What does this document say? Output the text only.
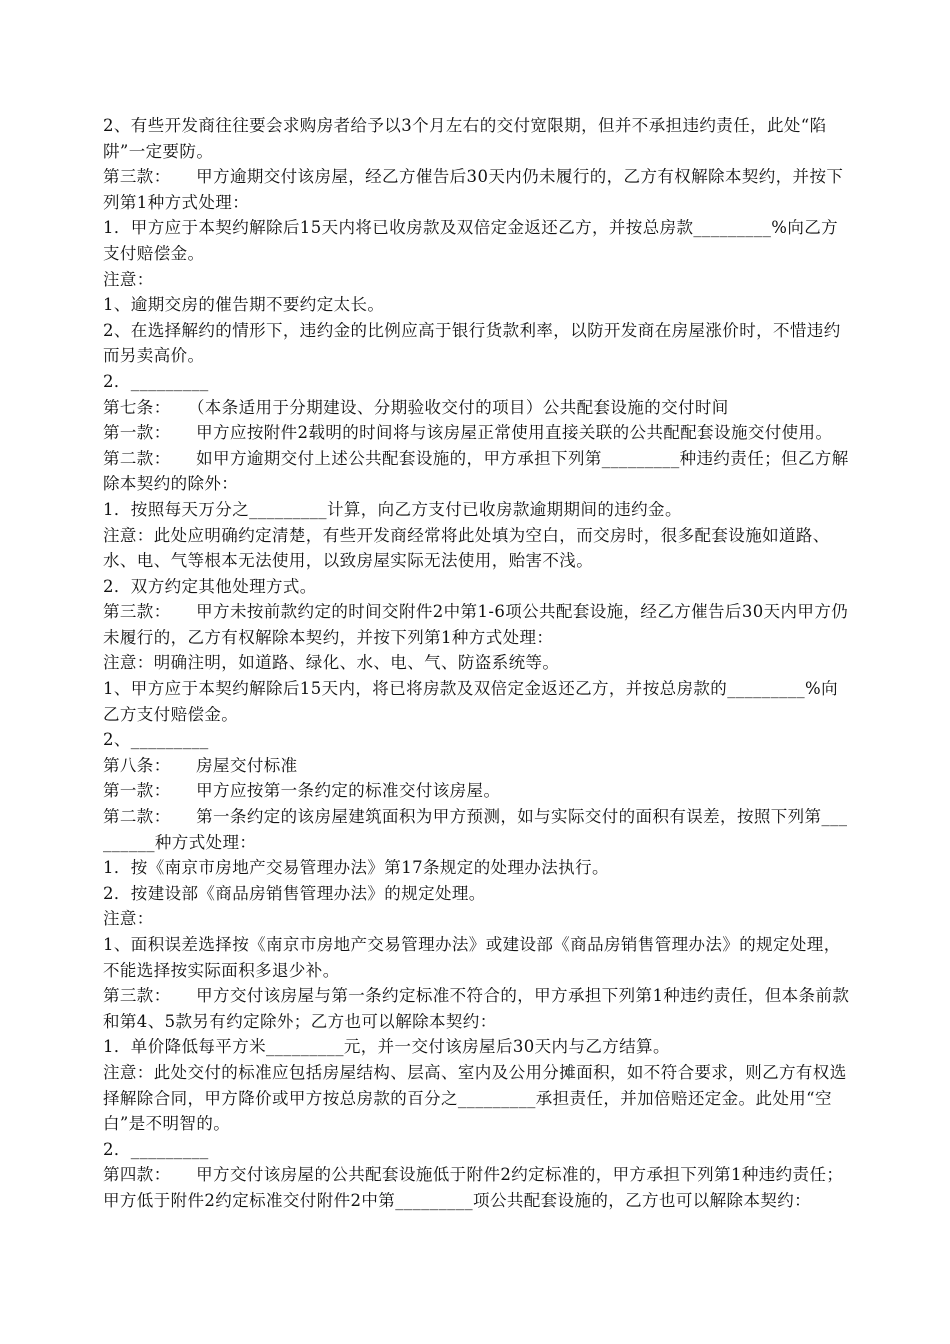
2、有些开发商往往要会求购房者给予以3个月左右的交付宽限期，但并不承担违约责任，此处“陷阱”一定要防。

第三款：　　甲方逾期交付该房屋，经乙方催告后30天内仍未履行的，乙方有权解除本契约，并按下列第1种方式处理：

1．甲方应于本契约解除后15天内将已收房款及双倍定金返还乙方，并按总房款_________%向乙方支付赔偿金。

注意：

1、逾期交房的催告期不要约定太长。

2、在选择解约的情形下，违约金的比例应高于银行货款利率，以防开发商在房屋涨价时，不惜违约而另卖高价。

2．_________

第七条：　　（本条适用于分期建设、分期验收交付的项目）公共配套设施的交付时间

第一款：　　甲方应按附件2载明的时间将与该房屋正常使用直接关联的公共配配套设施交付使用。

第二款：　　如甲方逾期交付上述公共配套设施的，甲方承担下列第_________种违约责任；但乙方解除本契约的除外：

1．按照每天万分之_________计算，向乙方支付已收房款逾期期间的违约金。

注意：此处应明确约定清楚，有些开发商经常将此处填为空白，而交房时，很多配套设施如道路、水、电、气等根本无法使用，以致房屋实际无法使用，贻害不浅。

2．双方约定其他处理方式。

第三款：　　甲方未按前款约定的时间交附件2中第1-6项公共配套设施，经乙方催告后30天内甲方仍未履行的，乙方有权解除本契约，并按下列第1种方式处理：

注意：明确注明，如道路、绿化、水、电、气、防盗系统等。

1、甲方应于本契约解除后15天内，将已将房款及双倍定金返还乙方，并按总房款的_________%向乙方支付赔偿金。

2、_________

第八条：　　房屋交付标准

第一款：　　甲方应按第一条约定的标准交付该房屋。

第二款：　　第一条约定的该房屋建筑面积为甲方预测，如与实际交付的面积有误差，按照下列第_________种方式处理：

1．按《南京市房地产交易管理办法》第17条规定的处理办法执行。

2．按建设部《商品房销售管理办法》的规定处理。

注意：

1、面积误差选择按《南京市房地产交易管理办法》或建设部《商品房销售管理办法》的规定处理，不能选择按实际面积多退少补。

第三款：　　甲方交付该房屋与第一条约定标准不符合的，甲方承担下列第1种违约责任，但本条前款和第4、5款另有约定除外；乙方也可以解除本契约：

1．单价降低每平方米_________元，并一交付该房屋后30天内与乙方结算。

注意：此处交付的标准应包括房屋结构、层高、室内及公用分摊面积，如不符合要求，则乙方有权选择解除合同，甲方降价或甲方按总房款的百分之_________承担责任，并加倍赔还定金。此处用“空白”是不明智的。

2．_________

第四款：　　甲方交付该房屋的公共配套设施低于附件2约定标准的，甲方承担下列第1种违约责任；甲方低于附件2约定标准交付附件2中第_________项公共配套设施的，乙方也可以解除本契约：
